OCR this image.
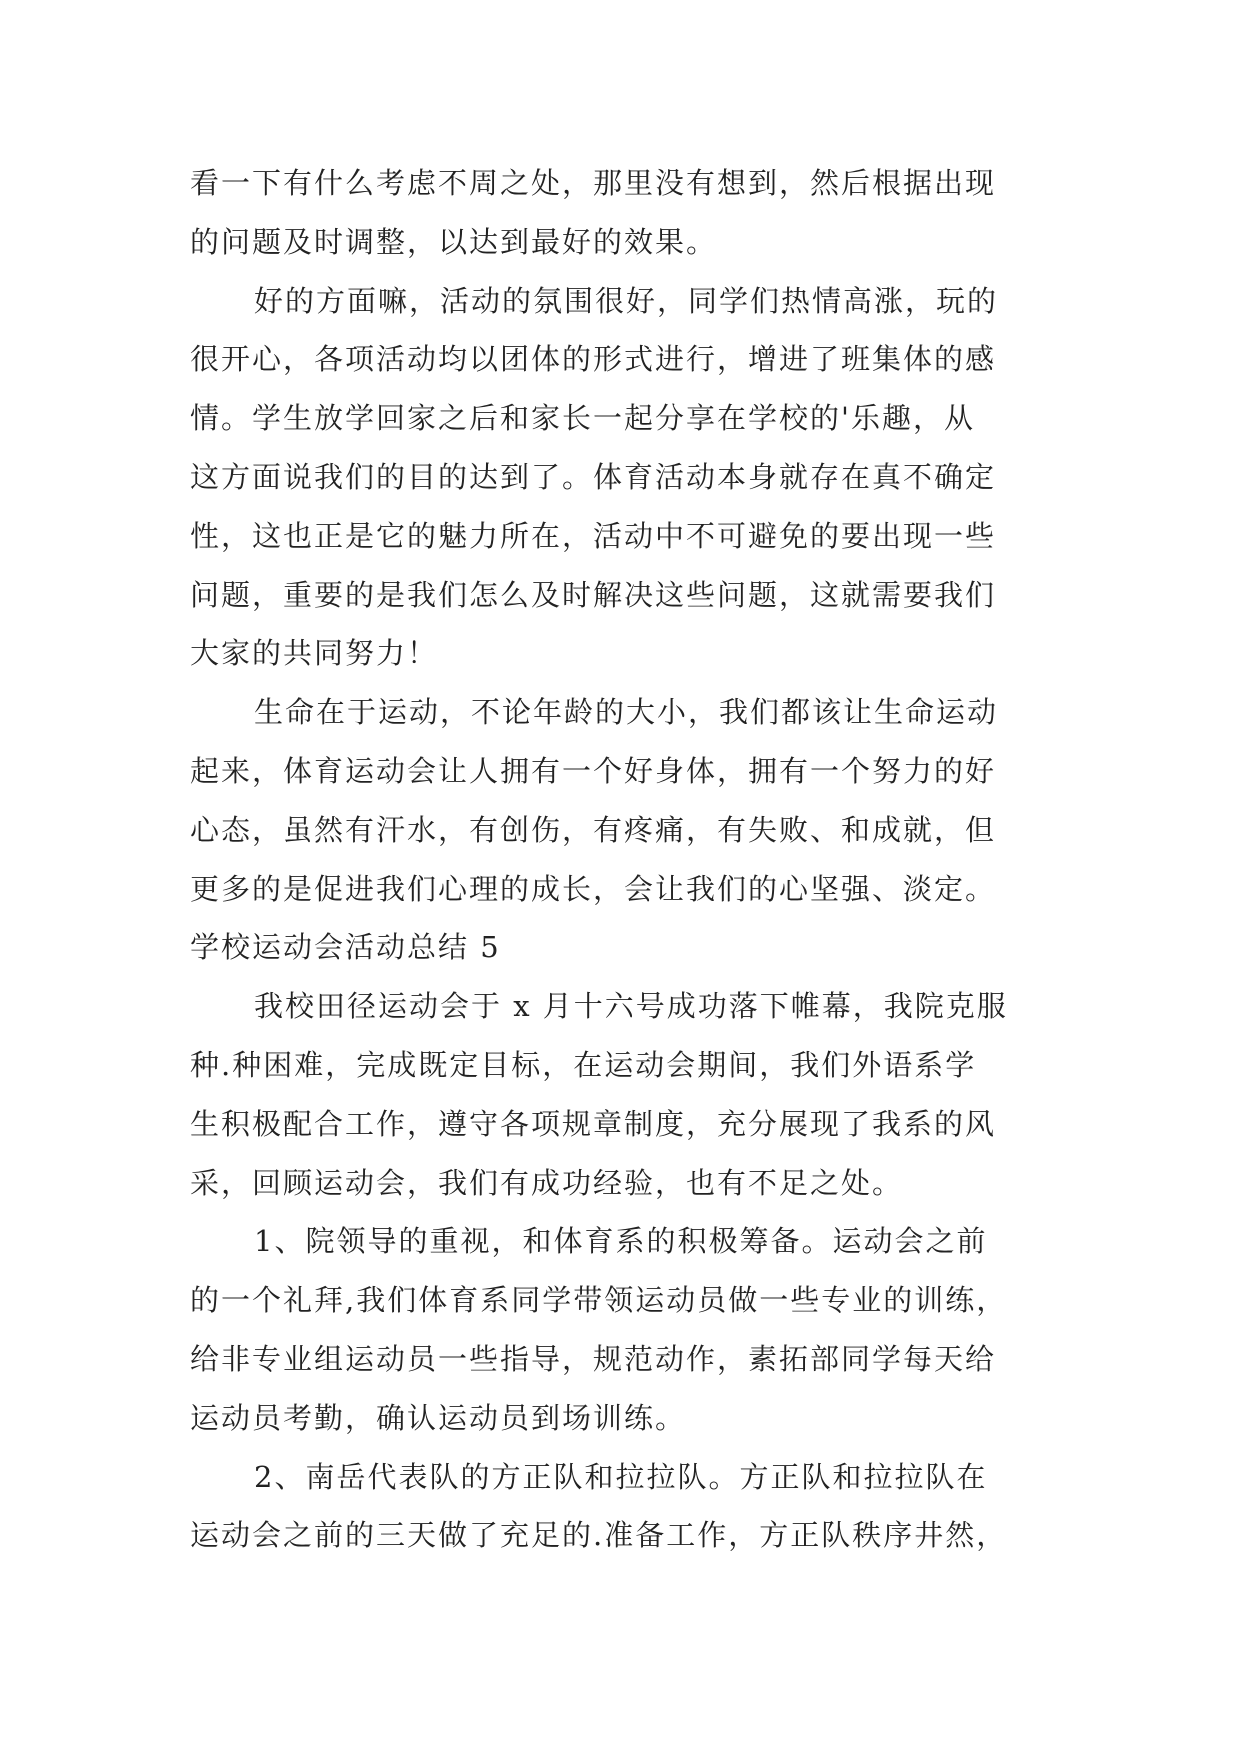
看一下有什么考虑不周之处，那里没有想到，然后根据出现
的问题及时调整，以达到最好的效果。
好的方面嘛，活动的氛围很好，同学们热情高涨，玩的
很开心，各项活动均以团体的形式进行，增进了班集体的感
情。学生放学回家之后和家长一起分享在学校的'乐趣，从
这方面说我们的目的达到了。体育活动本身就存在真不确定
性，这也正是它的魅力所在，活动中不可避免的要出现一些
问题，重要的是我们怎么及时解决这些问题，这就需要我们
大家的共同努力！
生命在于运动，不论年龄的大小，我们都该让生命运动
起来，体育运动会让人拥有一个好身体，拥有一个努力的好
心态，虽然有汗水，有创伤，有疼痛，有失败、和成就，但
更多的是促进我们心理的成长，会让我们的心坚强、淡定。
学校运动会活动总结 5
我校田径运动会于 x 月十六号成功落下帷幕，我院克服
种.种困难，完成既定目标，在运动会期间，我们外语系学
生积极配合工作，遵守各项规章制度，充分展现了我系的风
采，回顾运动会，我们有成功经验，也有不足之处。
1、院领导的重视，和体育系的积极筹备。运动会之前
的一个礼拜,我们体育系同学带领运动员做一些专业的训练，
给非专业组运动员一些指导，规范动作，素拓部同学每天给
运动员考勤，确认运动员到场训练。
2、南岳代表队的方正队和拉拉队。方正队和拉拉队在
运动会之前的三天做了充足的.准备工作，方正队秩序井然，
